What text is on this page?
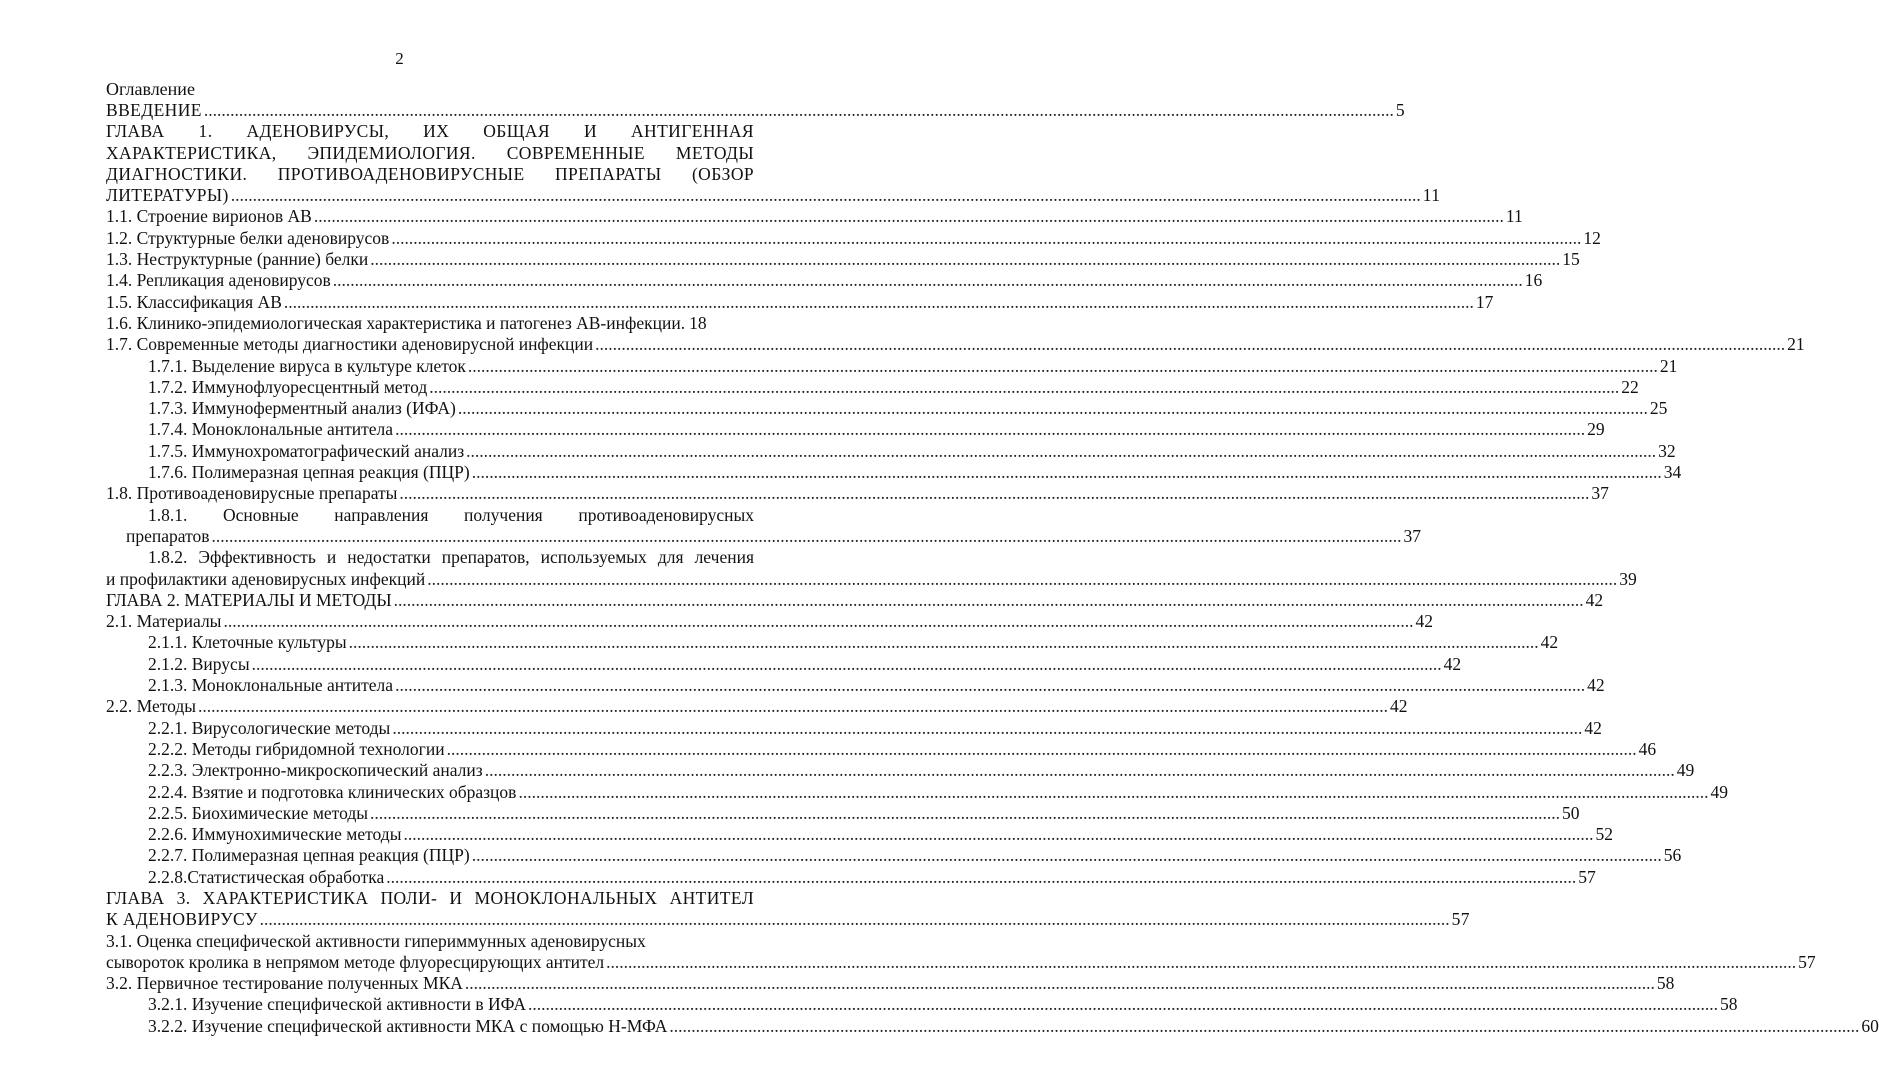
2
Оглавление
ВВЕДЕНИЕ .....	5
ГЛАВА 1. АДЕНОВИРУСЫ, ИХ ОБЩАЯ И АНТИГЕННАЯ
ХАРАКТЕРИСТИКА, ЭПИДЕМИОЛОГИЯ. СОВРЕМЕННЫЕ МЕТОДЫ
ДИАГНОСТИКИ. ПРОТИВОАДЕНОВИРУСНЫЕ ПРЕПАРАТЫ (ОБЗОР
ЛИТЕРАТУРЫ) .....	11
1.1. Строение вирионов АВ .....	11
1.2. Структурные белки аденовирусов .....	12
1.3. Неструктурные (ранние) белки .....	15
1.4. Репликация аденовирусов .....	16
1.5. Классификация АВ .....	17
1.6. Клинико-эпидемиологическая характеристика и патогенез АВ-инфекции. 18
1.7. Современные методы диагностики аденовирусной инфекции .....	21
1.7.1. Выделение вируса в культуре клеток .....	21
1.7.2. Иммунофлуоресцентный метод .....	22
1.7.3. Иммуноферментный анализ (ИФА) .....	25
1.7.4. Моноклональные антитела .....	29
1.7.5. Иммунохроматографический анализ .....	32
1.7.6. Полимеразная цепная реакция (ПЦР) .....	34
1.8. Противоаденовирусные препараты .....	37
1.8.1. Основные направления получения противоаденовирусных
препаратов .....	37
1.8.2. Эффективность и недостатки препаратов, используемых для лечения
и профилактики аденовирусных инфекций .....	39
ГЛАВА 2. МАТЕРИАЛЫ И МЕТОДЫ .....	42
2.1. Материалы .....	42
2.1.1. Клеточные культуры .....	42
2.1.2. Вирусы .....	42
2.1.3. Моноклональные антитела .....	42
2.2. Методы .....	42
2.2.1. Вирусологические методы .....	42
2.2.2. Методы гибридомной технологии .....	46
2.2.3. Электронно-микроскопический анализ .....	49
2.2.4. Взятие и подготовка клинических образцов .....	49
2.2.5. Биохимические методы .....	50
2.2.6. Иммунохимические методы .....	52
2.2.7. Полимеразная цепная реакция (ПЦР) .....	56
2.2.8.Статистическая обработка .....	57
ГЛАВА 3. ХАРАКТЕРИСТИКА ПОЛИ- И МОНОКЛОНАЛЬНЫХ АНТИТЕЛ
К АДЕНОВИРУСУ .....	57
3.1. Оценка специфической активности гипериммунных аденовирусных
сывороток кролика в непрямом методе флуоресцирующих антител .....	57
3.2. Первичное тестирование полученных МКА .....	58
3.2.1. Изучение специфической активности в ИФА .....	58
3.2.2. Изучение специфической активности МКА с помощью Н-МФА .....	60
